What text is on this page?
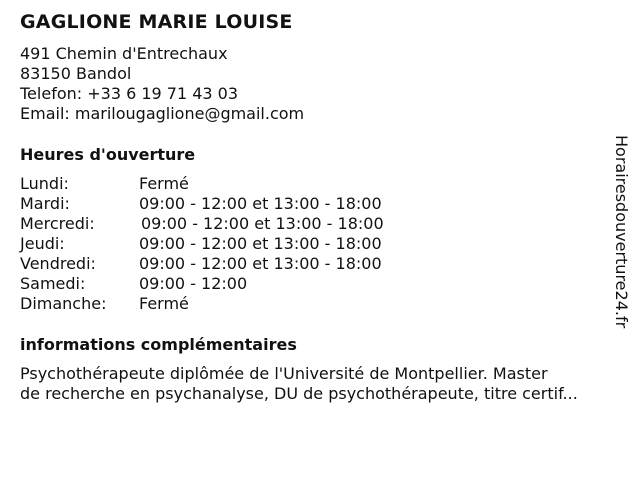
GAGLIONE MARIE LOUISE
491 Chemin d'Entrechaux
83150 Bandol
Telefon: +33 6 19 71 43 03
Email: marilougaglione@gmail.com
Heures d'ouverture
Lundi:	Fermé
Mardi:	09:00 - 12:00 et 13:00 - 18:00
Mercredi:	09:00 - 12:00 et 13:00 - 18:00
Jeudi:	09:00 - 12:00 et 13:00 - 18:00
Vendredi:	09:00 - 12:00 et 13:00 - 18:00
Samedi:	09:00 - 12:00
Dimanche: Fermé
informations complémentaires
Psychothérapeute diplômée de l'Université de Montpellier. Master
de recherche en psychanalyse, DU de psychothérapeute, titre certif...
Horairesdouverture24.fr
